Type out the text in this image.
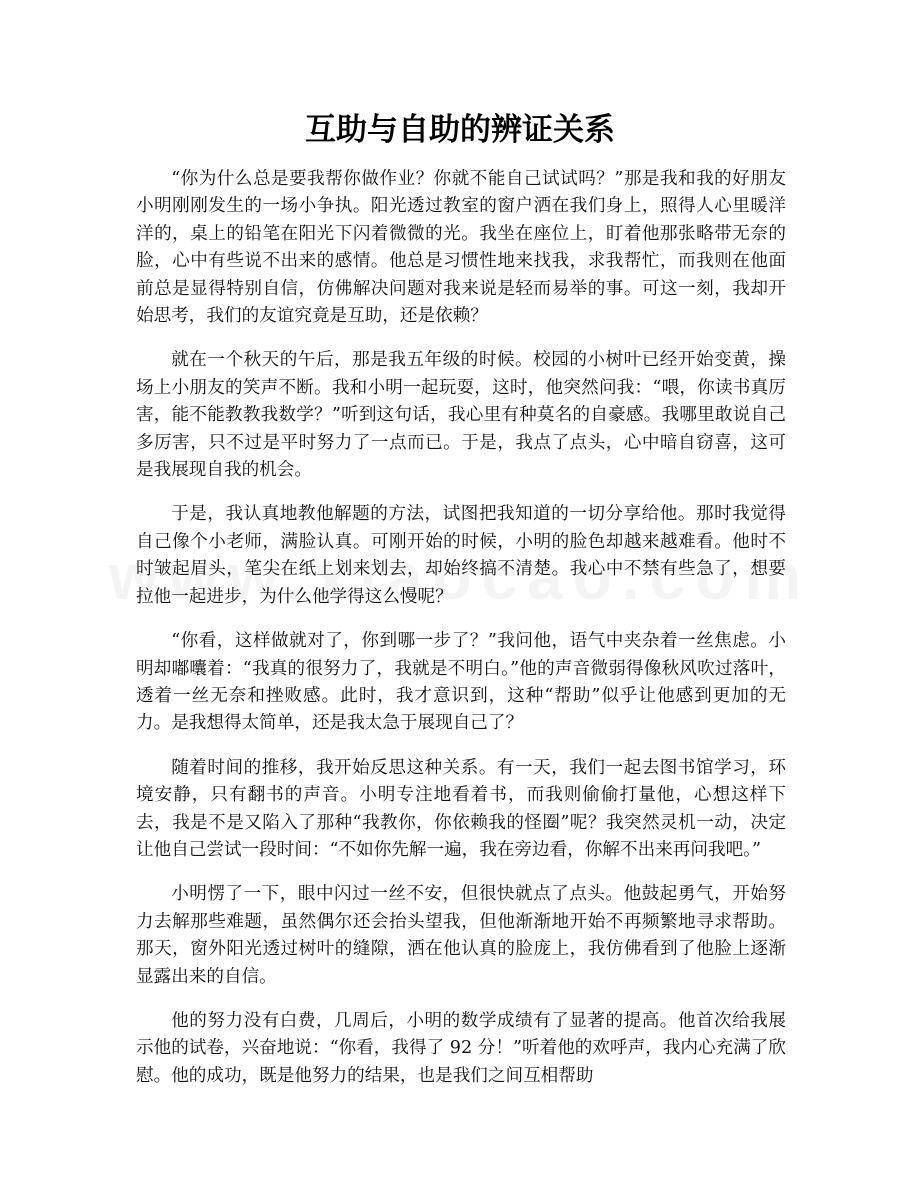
互助与自助的辨证关系

“你为什么总是要我帮你做作业？你就不能自己试试吗？”那是我和我的好朋友小明刚刚发生的一场小争执。阳光透过教室的窗户洒在我们身上，照得人心里暖洋洋的，桌上的铅笔在阳光下闪着微微的光。我坐在座位上，盯着他那张略带无奈的脸，心中有些说不出来的感情。他总是习惯性地来找我，求我帮忙，而我则在他面前总是显得特别自信，仿佛解决问题对我来说是轻而易举的事。可这一刻，我却开始思考，我们的友谊究竟是互助，还是依赖？

就在一个秋天的午后，那是我五年级的时候。校园的小树叶已经开始变黄，操场上小朋友的笑声不断。我和小明一起玩耍，这时，他突然问我：“喂，你读书真厉害，能不能教教我数学？”听到这句话，我心里有种莫名的自豪感。我哪里敢说自己多厉害，只不过是平时努力了一点而已。于是，我点了点头，心中暗自窃喜，这可是我展现自我的机会。

于是，我认真地教他解题的方法，试图把我知道的一切分享给他。那时我觉得自己像个小老师，满脸认真。可刚开始的时候，小明的脸色却越来越难看。他时不时皱起眉头，笔尖在纸上划来划去，却始终搞不清楚。我心中不禁有些急了，想要拉他一起进步，为什么他学得这么慢呢？

“你看，这样做就对了，你到哪一步了？”我问他，语气中夹杂着一丝焦虑。小明却嘟囔着：“我真的很努力了，我就是不明白。”他的声音微弱得像秋风吹过落叶，透着一丝无奈和挫败感。此时，我才意识到，这种“帮助”似乎让他感到更加的无力。是我想得太简单，还是我太急于展现自己了？

随着时间的推移，我开始反思这种关系。有一天，我们一起去图书馆学习，环境安静，只有翻书的声音。小明专注地看着书，而我则偷偷打量他，心想这样下去，我是不是又陷入了那种“我教你，你依赖我的怪圈”呢？我突然灵机一动，决定让他自己尝试一段时间：“不如你先解一遍，我在旁边看，你解不出来再问我吧。”

小明愣了一下，眼中闪过一丝不安，但很快就点了点头。他鼓起勇气，开始努力去解那些难题，虽然偶尔还会抬头望我，但他渐渐地开始不再频繁地寻求帮助。那天，窗外阳光透过树叶的缝隙，洒在他认真的脸庞上，我仿佛看到了他脸上逐渐显露出来的自信。

他的努力没有白费，几周后，小明的数学成绩有了显著的提高。他首次给我展示他的试卷，兴奋地说：“你看，我得了 92 分！”听着他的欢呼声，我内心充满了欣慰。他的成功，既是他努力的结果，也是我们之间互相帮助
